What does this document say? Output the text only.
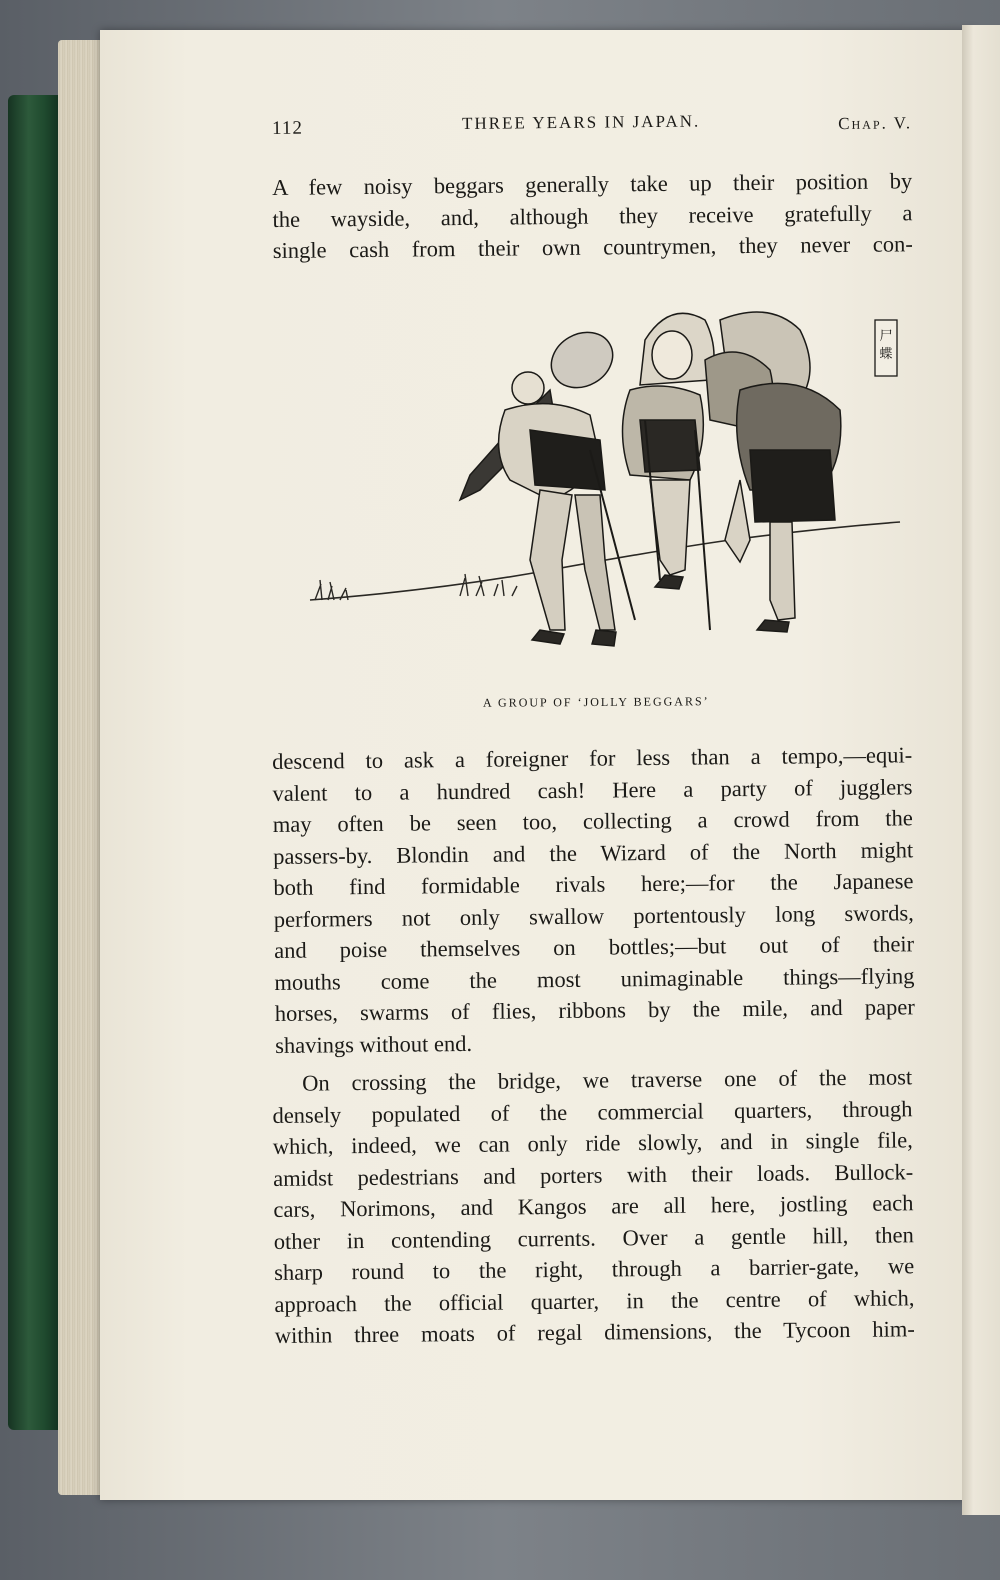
112	THREE YEARS IN JAPAN.	Chap. V.
A few noisy beggars generally take up their position by
the wayside, and, although they receive gratefully a
single cash from their own countrymen, they never con-
⼫蝶
A GROUP OF ‘JOLLY BEGGARS’
descend to ask a foreigner for less than a tempo,—equi-
valent to a hundred cash! Here a party of jugglers
may often be seen too, collecting a crowd from the
passers-by. Blondin and the Wizard of the North might
both find formidable rivals here;—for the Japanese
performers not only swallow portentously long swords,
and poise themselves on bottles;—but out of their
mouths come the most unimaginable things—flying
horses, swarms of flies, ribbons by the mile, and paper
shavings without end.
On crossing the bridge, we traverse one of the most
densely populated of the commercial quarters, through
which, indeed, we can only ride slowly, and in single file,
amidst pedestrians and porters with their loads. Bullock-
cars, Norimons, and Kangos are all here, jostling each
other in contending currents. Over a gentle hill, then
sharp round to the right, through a barrier-gate, we
approach the official quarter, in the centre of which,
within three moats of regal dimensions, the Tycoon him-
